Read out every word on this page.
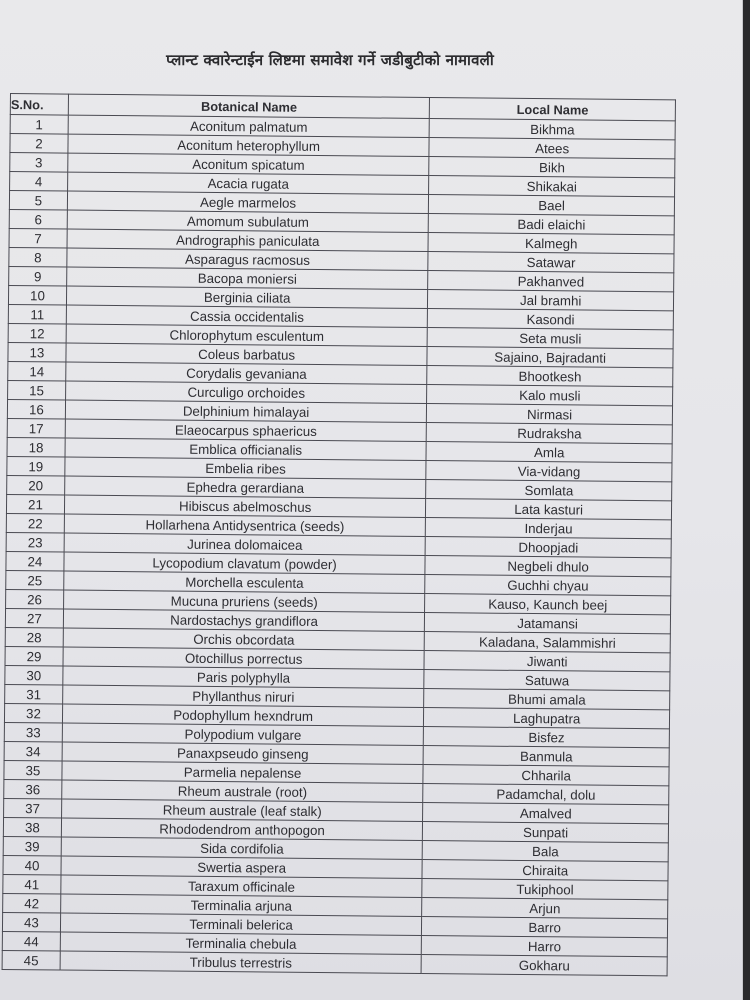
प्लान्ट क्वारेन्टाईन लिष्टमा समावेश गर्ने जडीबुटीको नामावली
S.No.	Botanical Name	Local Name
1	Aconitum palmatum	Bikhma
2	Aconitum heterophyllum	Atees
3	Aconitum spicatum	Bikh
4	Acacia rugata	Shikakai
5	Aegle marmelos	Bael
6	Amomum subulatum	Badi elaichi
7	Andrographis paniculata	Kalmegh
8	Asparagus racmosus	Satawar
9	Bacopa moniersi	Pakhanved
10	Berginia ciliata	Jal bramhi
11	Cassia occidentalis	Kasondi
12	Chlorophytum esculentum	Seta musli
13	Coleus barbatus	Sajaino, Bajradanti
14	Corydalis gevaniana	Bhootkesh
15	Curculigo orchoides	Kalo musli
16	Delphinium himalayai	Nirmasi
17	Elaeocarpus sphaericus	Rudraksha
18	Emblica officianalis	Amla
19	Embelia ribes	Via-vidang
20	Ephedra gerardiana	Somlata
21	Hibiscus abelmoschus	Lata kasturi
22	Hollarhena Antidysentrica (seeds)	Inderjau
23	Jurinea dolomaicea	Dhoopjadi
24	Lycopodium clavatum (powder)	Negbeli dhulo
25	Morchella esculenta	Guchhi chyau
26	Mucuna pruriens (seeds)	Kauso, Kaunch beej
27	Nardostachys grandiflora	Jatamansi
28	Orchis obcordata	Kaladana, Salammishri
29	Otochillus porrectus	Jiwanti
30	Paris polyphylla	Satuwa
31	Phyllanthus niruri	Bhumi amala
32	Podophyllum hexndrum	Laghupatra
33	Polypodium vulgare	Bisfez
34	Panaxpseudo ginseng	Banmula
35	Parmelia nepalense	Chharila
36	Rheum australe (root)	Padamchal, dolu
37	Rheum australe (leaf stalk)	Amalved
38	Rhododendrom anthopogon	Sunpati
39	Sida cordifolia	Bala
40	Swertia aspera	Chiraita
41	Taraxum officinale	Tukiphool
42	Terminalia arjuna	Arjun
43	Terminali belerica	Barro
44	Terminalia chebula	Harro
45	Tribulus terrestris	Gokharu
